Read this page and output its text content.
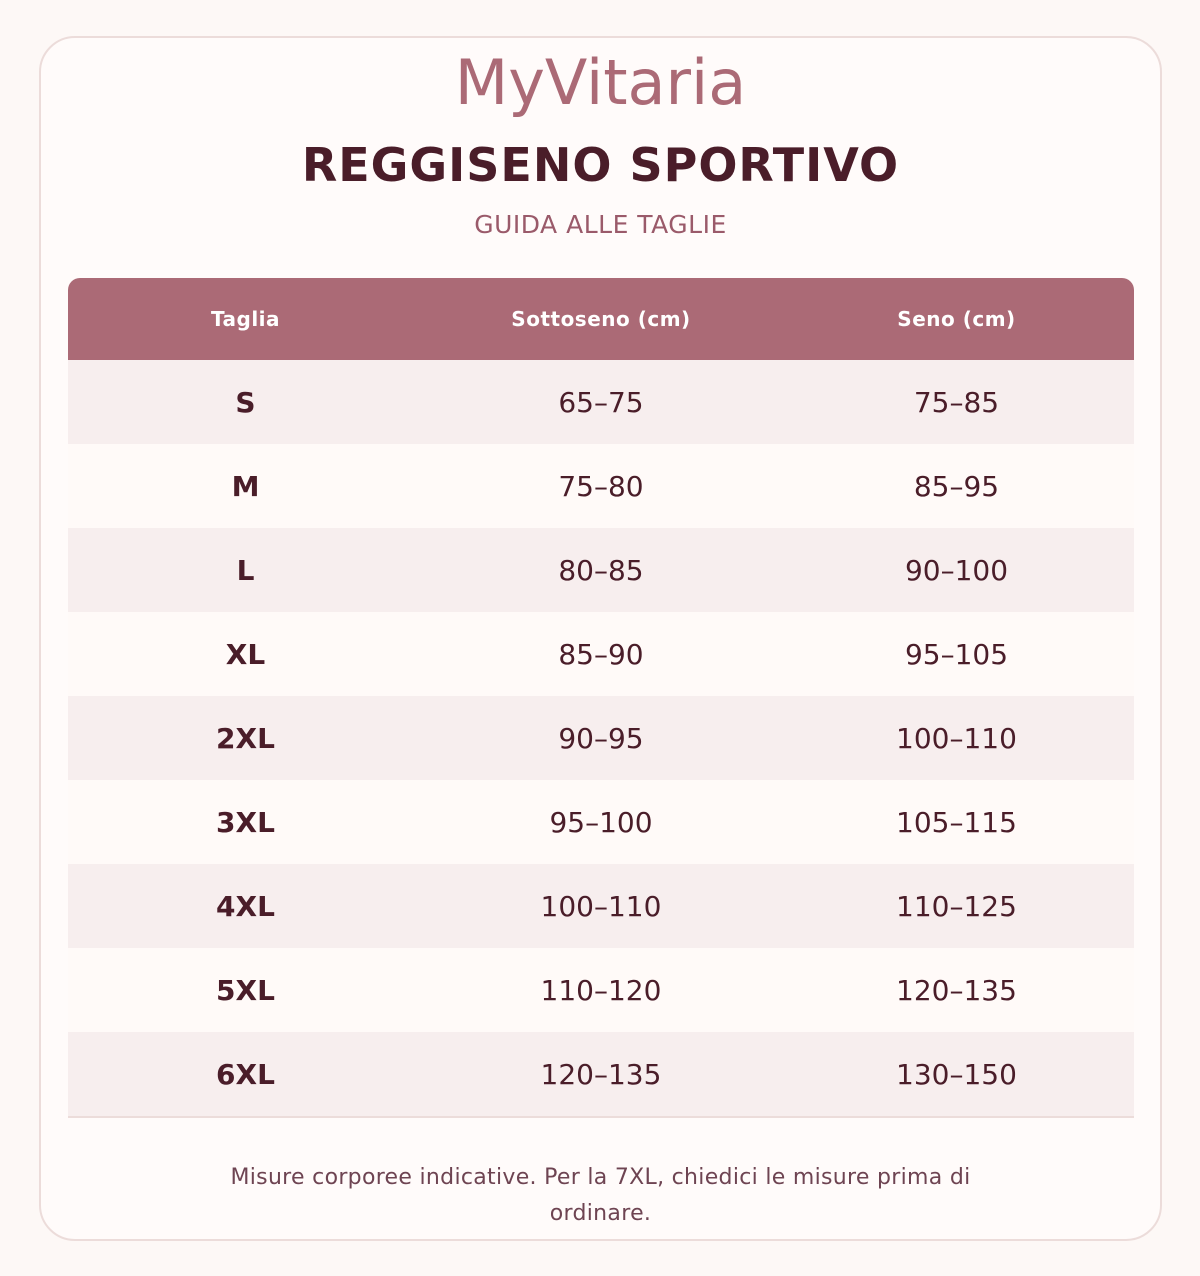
MyVitaria
REGGISENO SPORTIVO
GUIDA ALLE TAGLIE
Taglia	Sottoseno (cm)	Seno (cm)
S	65–75	75–85
M	75–80	85–95
L	80–85	90–100
XL	85–90	95–105
2XL	90–95	100–110
3XL	95–100	105–115
4XL	100–110	110–125
5XL	110–120	120–135
6XL	120–135	130–150
Misure corporee indicative. Per la 7XL, chiedici le misure prima di ordinare.
